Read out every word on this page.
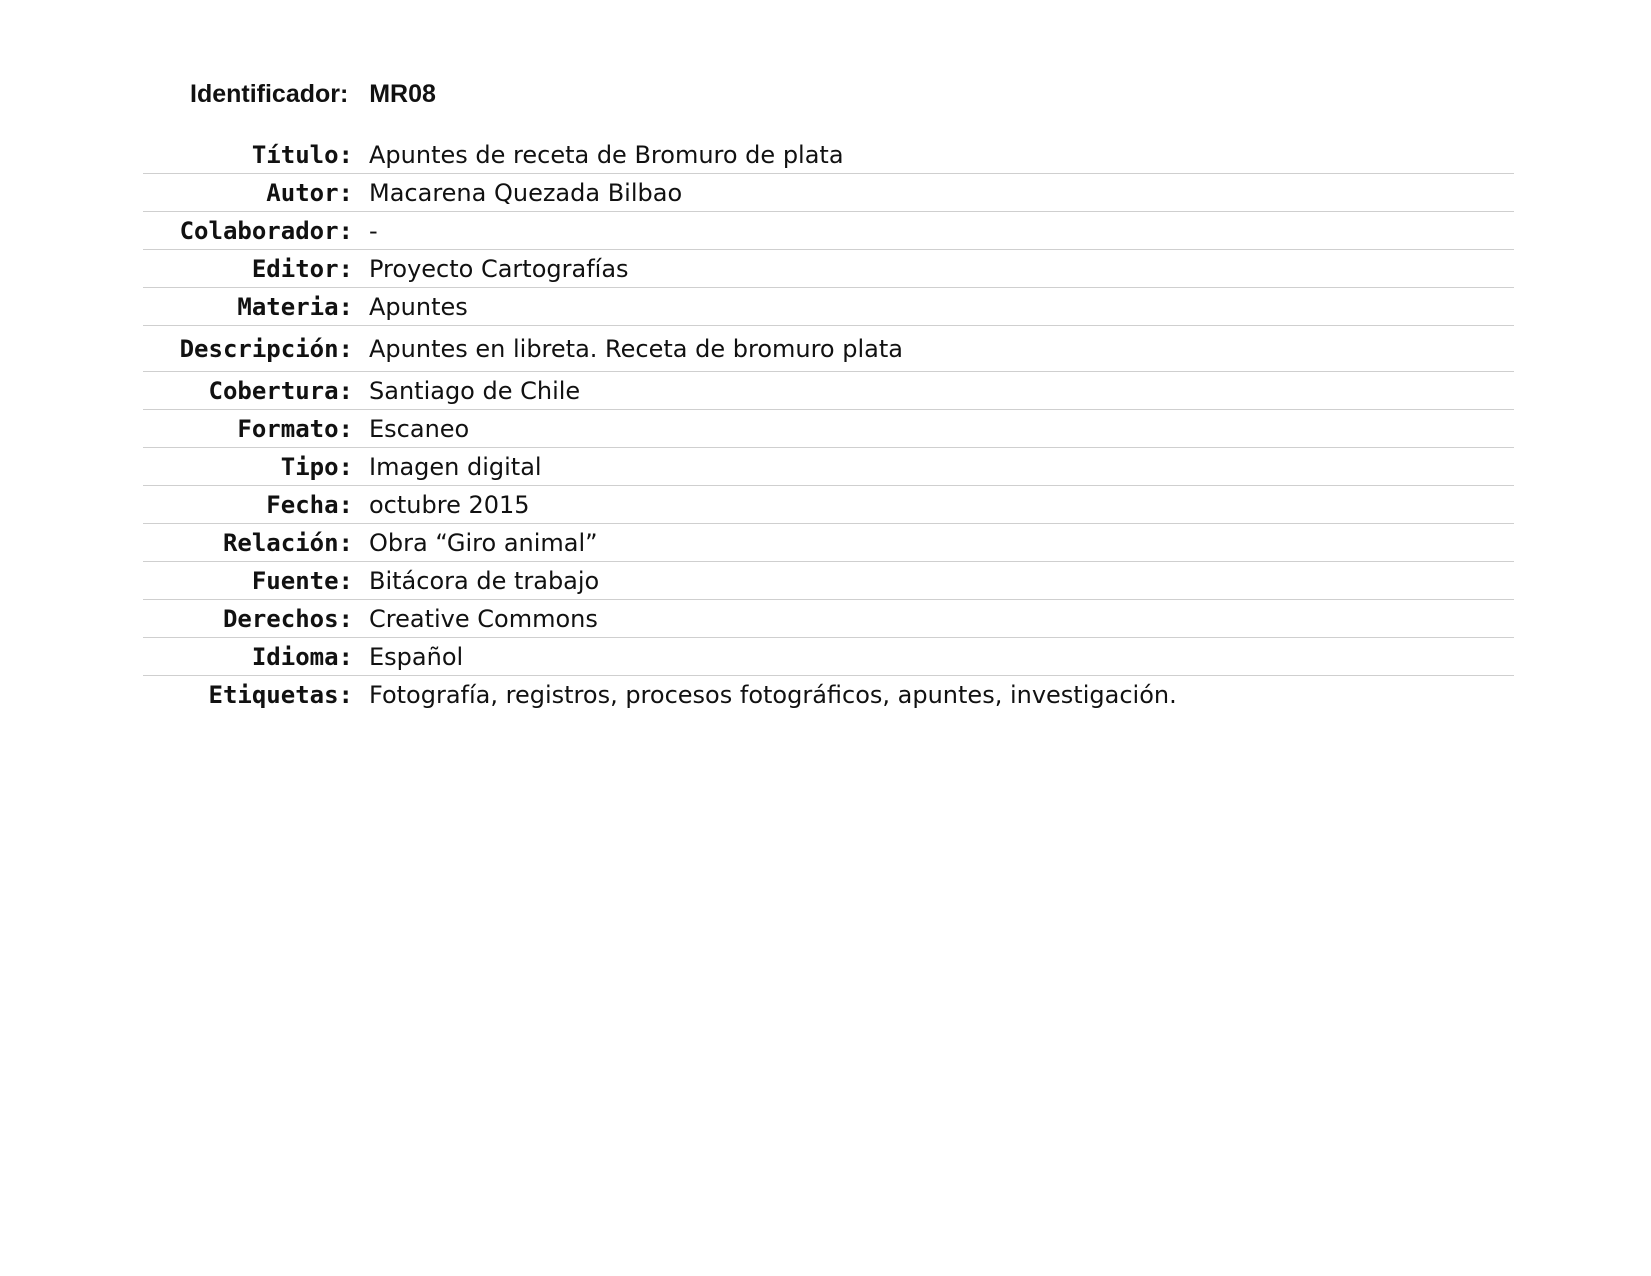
Identificador: MR08
Título: Apuntes de receta de Bromuro de plata
Autor: Macarena Quezada Bilbao
Colaborador: -
Editor: Proyecto Cartografías
Materia: Apuntes
Descripción: Apuntes en libreta. Receta de bromuro plata
Cobertura: Santiago de Chile
Formato: Escaneo
Tipo: Imagen digital
Fecha: octubre 2015
Relación: Obra “Giro animal”
Fuente: Bitácora de trabajo
Derechos: Creative Commons
Idioma: Español
Etiquetas: Fotografía, registros, procesos fotográficos, apuntes, investigación.
